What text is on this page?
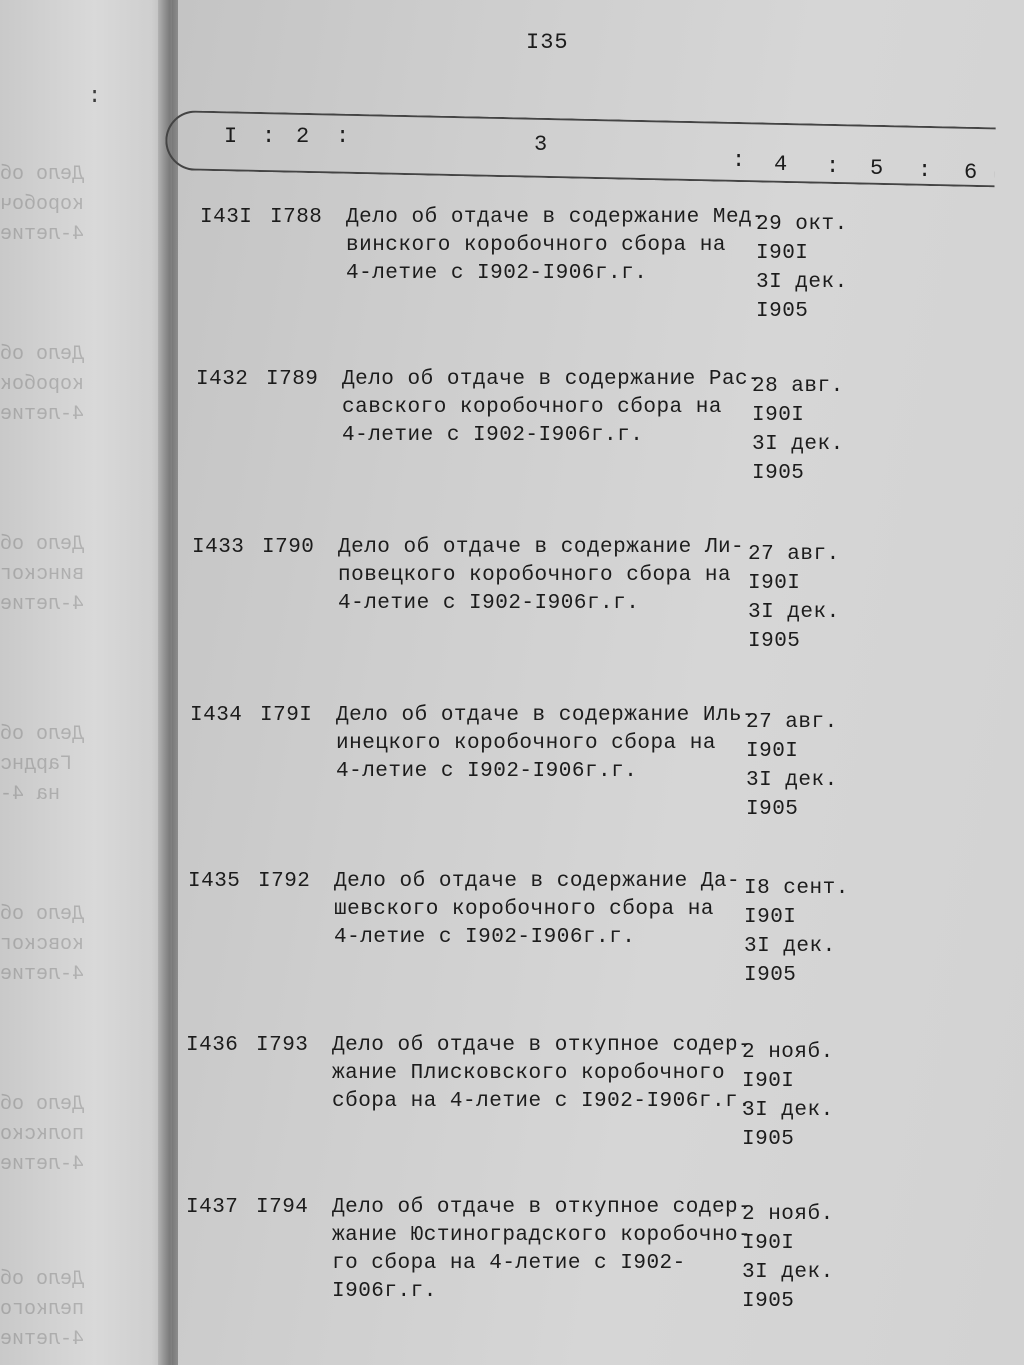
:
Дело об
коробоч
4-летие
Дело об
коробок
4-летие
Дело об
винског
4-летие
Дело об
Гарднс
на 4-
Дело об
ковског
4-летие
Дело об
полкско
4-летие
Дело об
пелкого
4-летие
I35
I : 2 :	3
: 4 : 5 : 6
I43I I788 Дело об отдаче в содержание Мед-
винского коробочного сбора на
4-летие с I902-I906г.г.
29 окт.
I90I
3I дек.
I905
I432 I789 Дело об отдаче в содержание Рас-
савского коробочного сбора на
4-летие с I902-I906г.г.
28 авг.
I90I
3I дек.
I905
I433 I790 Дело об отдаче в содержание Ли-
повецкого коробочного сбора на
4-летие с I902-I906г.г.
27 авг.
I90I
3I дек.
I905
I434 I79I Дело об отдаче в содержание Иль-
инецкого коробочного сбора на
4-летие с I902-I906г.г.
27 авг.
I90I
3I дек.
I905
I435 I792 Дело об отдаче в содержание Да-
шевского коробочного сбора на
4-летие с I902-I906г.г.
I8 сент.
I90I
3I дек.
I905
I436 I793 Дело об отдаче в откупное содер-
жание Плисковского коробочного
сбора на 4-летие с I902-I906г.г.
2 нояб.
I90I
3I дек.
I905
I437 I794 Дело об отдаче в откупное содер-
жание Юстиноградского коробочно-
го сбора на 4-летие с I902-
I906г.г.
2 нояб.
I90I
3I дек.
I905
